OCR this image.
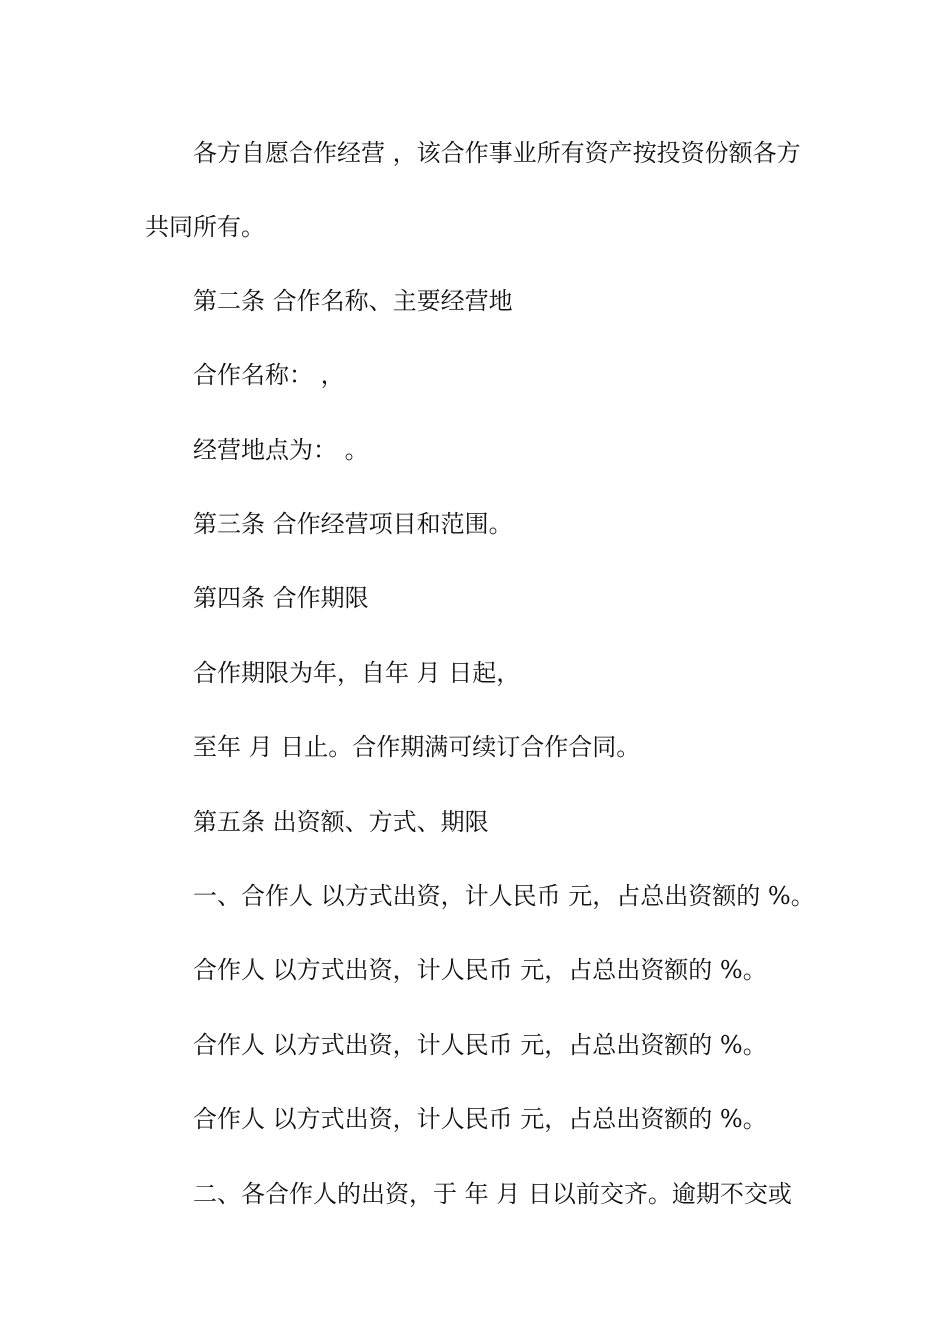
各方自愿合作经营 ，该合作事业所有资产按投资份额各方
共同所有。
第二条 合作名称、主要经营地
合作名称： ，
经营地点为： 。
第三条 合作经营项目和范围。
第四条 合作期限
合作期限为年，自年 月 日起，
至年 月 日止。合作期满可续订合作合同。
第五条 出资额、方式、期限
一、合作人 以方式出资，计人民币 元，占总出资额的 %。
合作人 以方式出资，计人民币 元，占总出资额的 %。
合作人 以方式出资，计人民币 元，占总出资额的 %。
合作人 以方式出资，计人民币 元，占总出资额的 %。
二、各合作人的出资，于 年 月 日以前交齐。逾期不交或
